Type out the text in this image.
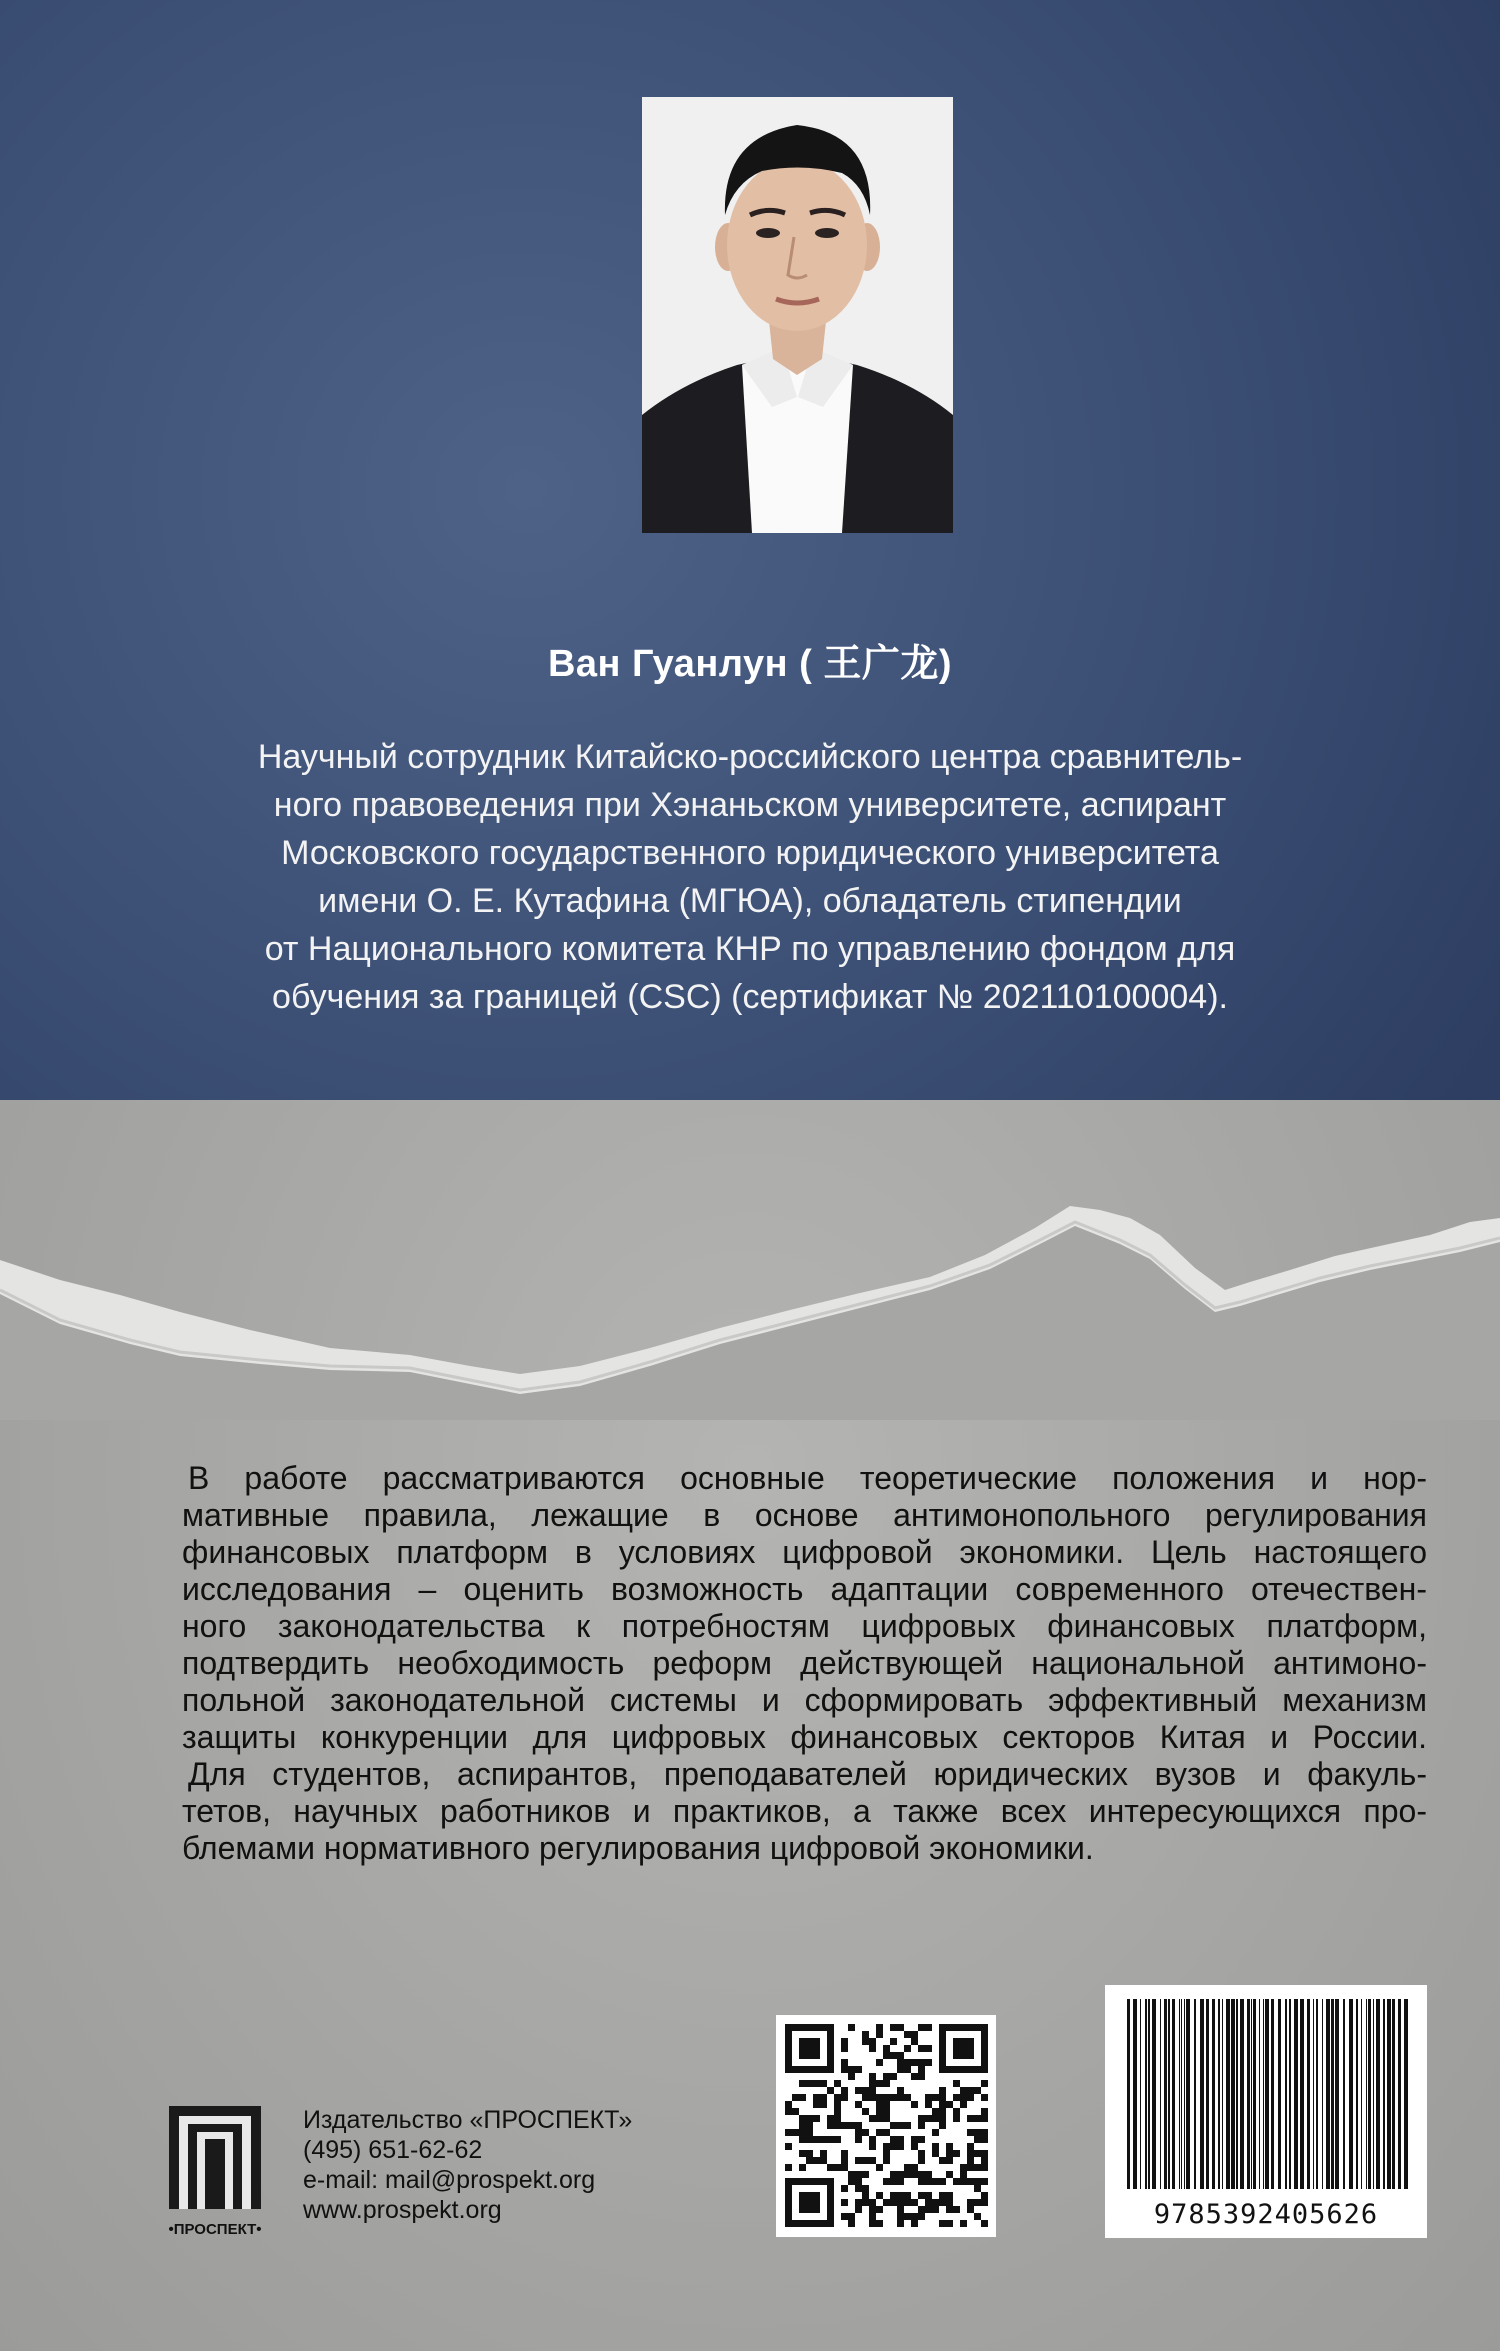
Ван Гуанлун ( 王广龙)
Научный сотрудник Китайско-российского центра сравнитель-
ного правоведения при Хэнаньском университете, аспирант
Московского государственного юридического университета
имени О. Е. Кутафина (МГЮА), обладатель стипендии
от Национального комитета КНР по управлению фондом для
обучения за границей (CSC) (сертификат № 202110100004).
В работе рассматриваются основные теоретические положения и нор-
мативные правила, лежащие в основе антимонопольного регулирования
финансовых платформ в условиях цифровой экономики. Цель настоящего
исследования – оценить возможность адаптации современного отечествен-
ного законодательства к потребностям цифровых финансовых платформ,
подтвердить необходимость реформ действующей национальной антимоно-
польной законодательной системы и сформировать эффективный механизм
защиты конкуренции для цифровых финансовых секторов Китая и России.
Для студентов, аспирантов, преподавателей юридических вузов и факуль-
тетов, научных работников и практиков, а также всех интересующихся про-
блемами нормативного регулирования цифровой экономики.
•ПРОСПЕКТ•
Издательство «ПРОСПЕКТ»
(495) 651-62-62
e-mail: mail@prospekt.org
www.prospekt.org	9785392405626
